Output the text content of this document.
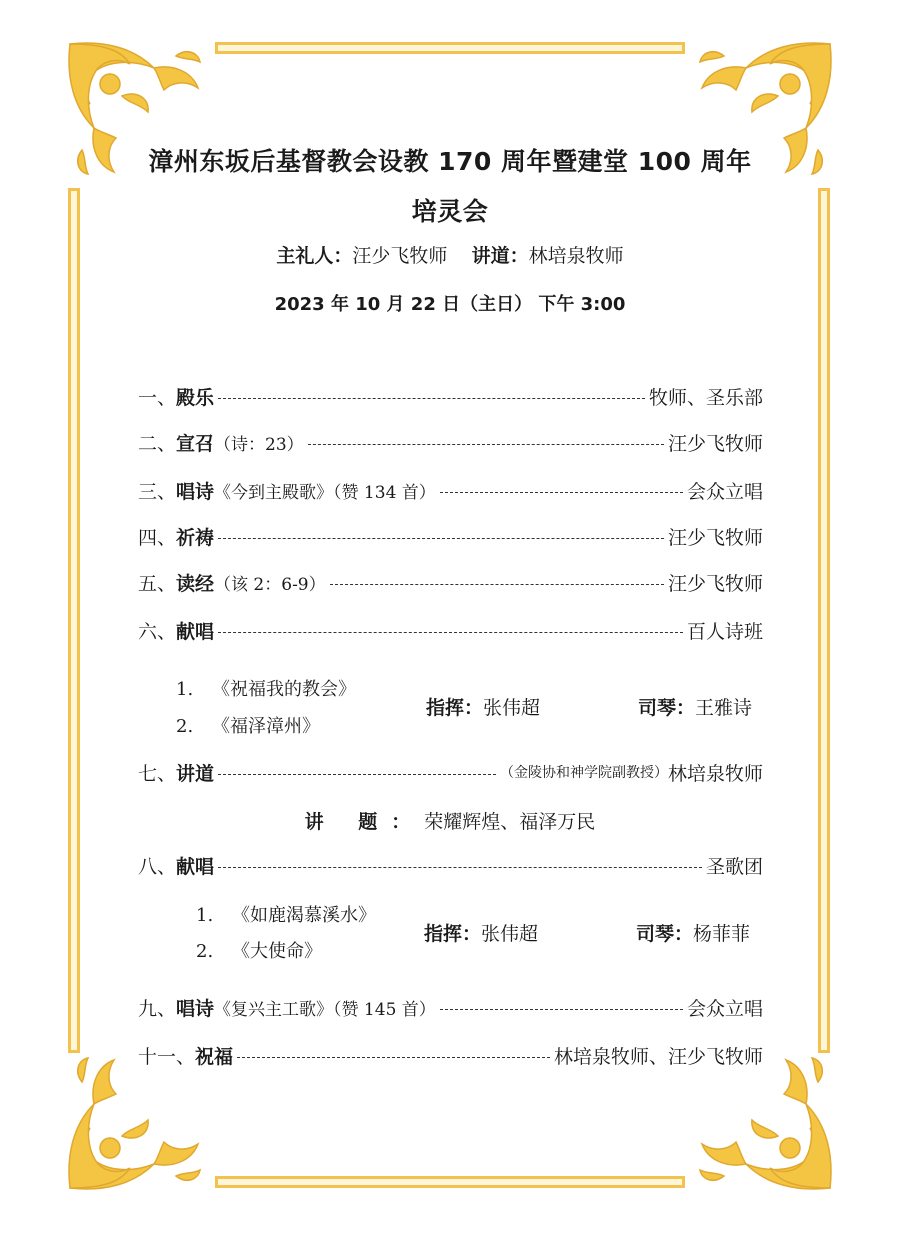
漳州东坂后基督教会设教 170 周年暨建堂 100 周年
培灵会
主礼人：汪少飞牧师 讲道：林培泉牧师
2023 年 10 月 22 日（主日） 下午 3:00
一、 殿乐	牧师、圣乐部
二、 宣召 （诗：23）	汪少飞牧师
三、 唱诗 《今到主殿歌》（赞 134 首）	会众立唱
四、 祈祷	汪少飞牧师
五、 读经 （该 2：6-9）	汪少飞牧师
六、 献唱	百人诗班
1. 《祝福我的教会》
2. 《福泽漳州》
指挥：张伟超	司琴：王雅诗
七、 讲道	（金陵协和神学院副教授） 林培泉牧师
讲 题：荣耀辉煌、福泽万民
八、 献唱	圣歌团
1. 《如鹿渴慕溪水》
2. 《大使命》
指挥：张伟超	司琴：杨菲菲
九、 唱诗 《复兴主工歌》（赞 145 首）	会众立唱
十一、 祝福	林培泉牧师、汪少飞牧师
